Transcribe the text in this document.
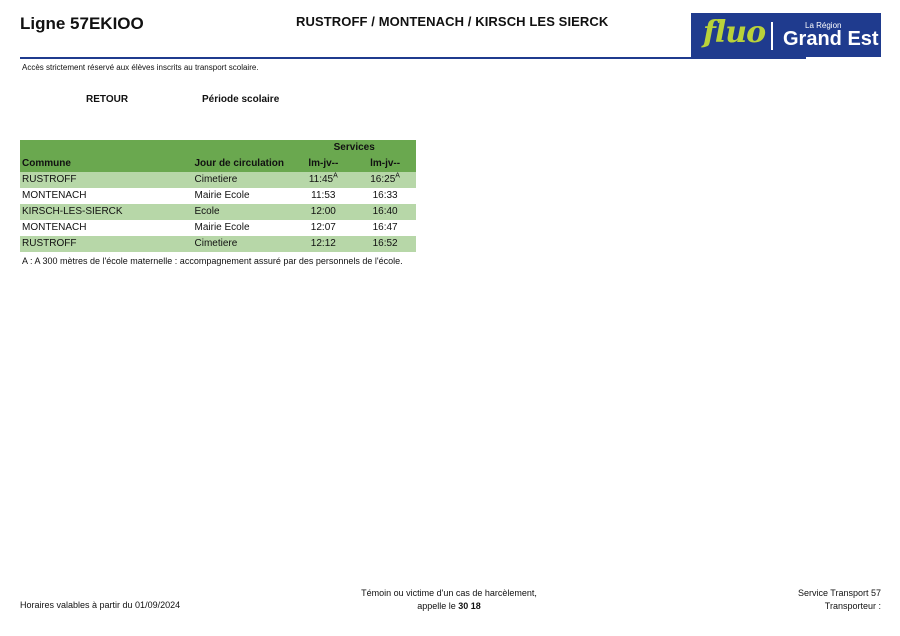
Ligne 57EKIOO	RUSTROFF / MONTENACH / KIRSCH LES SIERCK	fluo	La Région
Grand Est
Accès strictement réservé aux élèves inscrits au transport scolaire.
RETOUR	Période scolaire
		Services	
Commune	Jour de circulation	lm-jv--	lm-jv--
RUSTROFF	Cimetiere	$11:45^A$	$16:25^A$
MONTENACH	Mairie Ecole	11:53	16:33
KIRSCH-LES-SIERCK	Ecole	12:00	16:40
MONTENACH	Mairie Ecole	12:07	16:47
RUSTROFF	Cimetiere	12:12	16:52
A : A 300 mètres de l'école maternelle : accompagnement assuré par des personnels de l'école.
Horaires valables à partir du 01/09/2024
Témoin ou victime d'un cas de harcèlement,
appelle le 30 18
Service Transport 57
Transporteur :
